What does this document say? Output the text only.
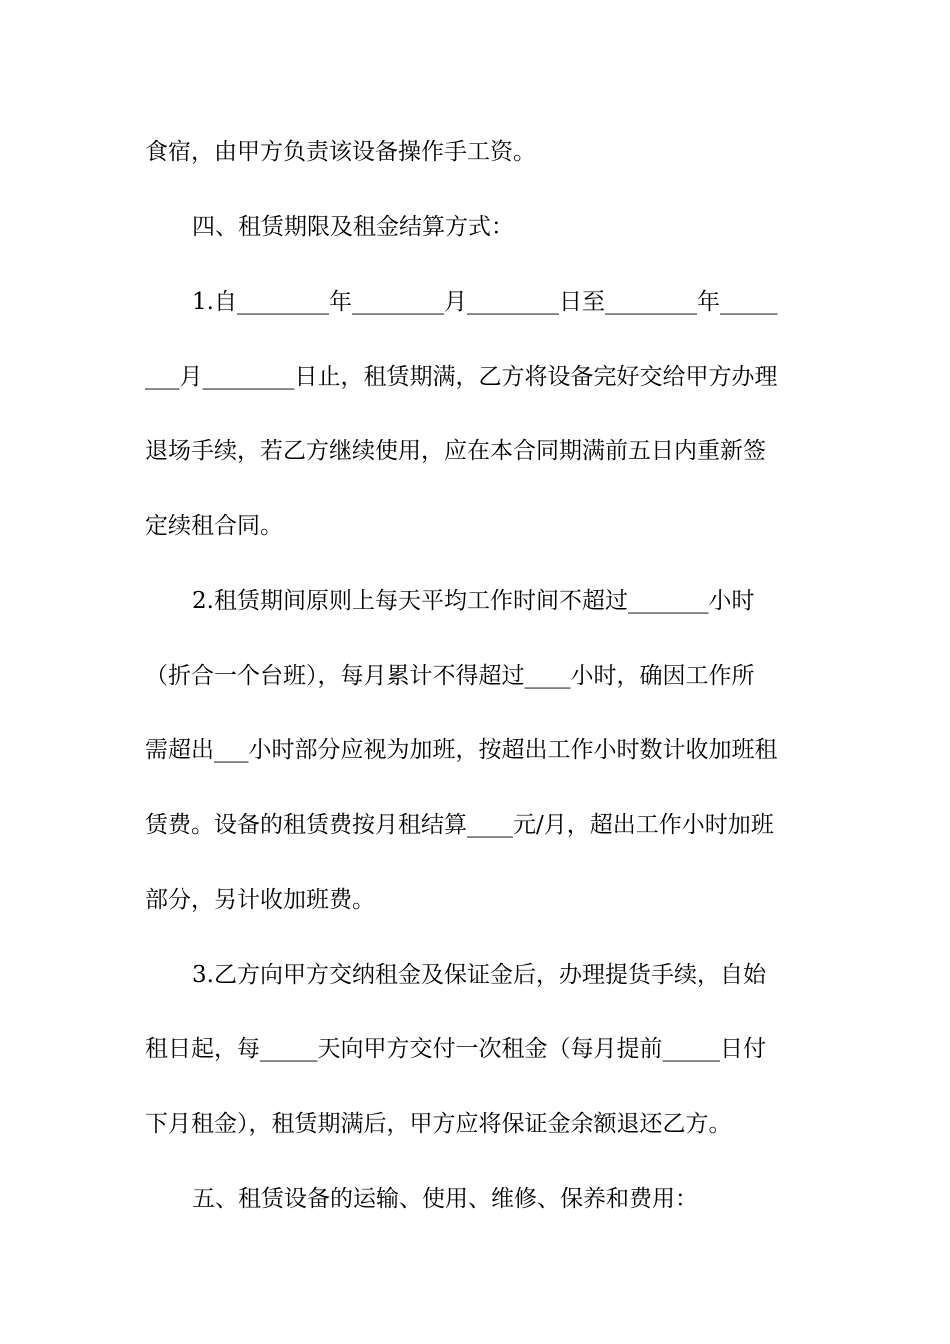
食宿，由甲方负责该设备操作手工资。
四、租赁期限及租金结算方式：
1.自________年________月________日至________年_____
___月________日止，租赁期满，乙方将设备完好交给甲方办理
退场手续，若乙方继续使用，应在本合同期满前五日内重新签
定续租合同。
2.租赁期间原则上每天平均工作时间不超过_______小时
（折合一个台班），每月累计不得超过____小时，确因工作所
需超出___小时部分应视为加班，按超出工作小时数计收加班租
赁费。设备的租赁费按月租结算____元/月，超出工作小时加班
部分，另计收加班费。
3.乙方向甲方交纳租金及保证金后，办理提货手续，自始
租日起，每_____天向甲方交付一次租金（每月提前_____日付
下月租金），租赁期满后，甲方应将保证金余额退还乙方。
五、租赁设备的运输、使用、维修、保养和费用：
